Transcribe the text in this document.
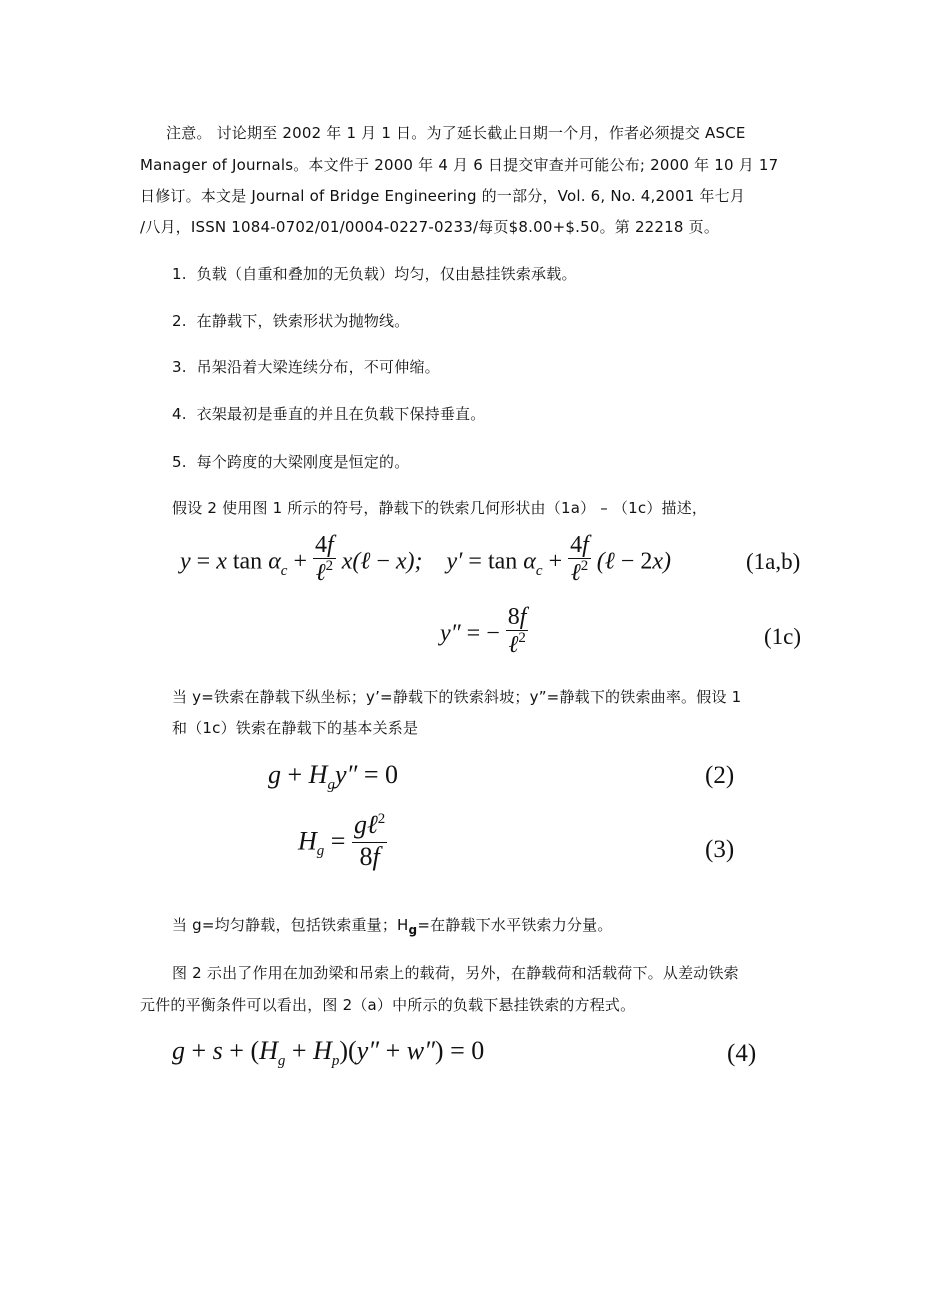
注意。 讨论期至 2002 年 1 月 1 日。为了延长截止日期一个月，作者必须提交 ASCE
Manager of Journals。本文件于 2000 年 4 月 6 日提交审查并可能公布; 2000 年 10 月 17
日修订。本文是 Journal of Bridge Engineering 的一部分，Vol. 6, No. 4,2001 年七月
/八月，ISSN 1084-0702/01/0004-0227‐0233/每页$8.00+$.50。第 22218 页。
1. 负载（自重和叠加的无负载）均匀，仅由悬挂铁索承载。
2. 在静载下，铁索形状为抛物线。
3. 吊架沿着大梁连续分布，不可伸缩。
4. 衣架最初是垂直的并且在负载下保持垂直。
5. 每个跨度的大梁刚度是恒定的。
假设 2 使用图 1 所示的符号，静载下的铁索几何形状由（1a） – （1c）描述，
y = x $\tan \alpha_c + \frac{4f}{\ell^2}$ x(ℓ − x);    $y' = \tan \alpha_c + \frac{4f}{\ell^2}$ (ℓ − 2x)	(1a,b)
y″ = − $\frac{8f}{\ell^2}$	(1c)
当 y=铁索在静载下纵坐标；y’=静载下的铁索斜坡；y”=静载下的铁索曲率。假设 1
和（1c）铁索在静载下的基本关系是
$g + H_gy'' = 0$	(2)
$H_g = \frac{g\ell^2}{8f}$	(3)
当 g=均匀静载，包括铁索重量；$H_g=$在静载下水平铁索力分量。
图 2 示出了作用在加劲梁和吊索上的载荷，另外，在静载荷和活载荷下。从差动铁索
元件的平衡条件可以看出，图 2（a）中所示的负载下悬挂铁索的方程式。
$g + s + (H_g + H_p)(y'' + w'') = 0$	(4)
